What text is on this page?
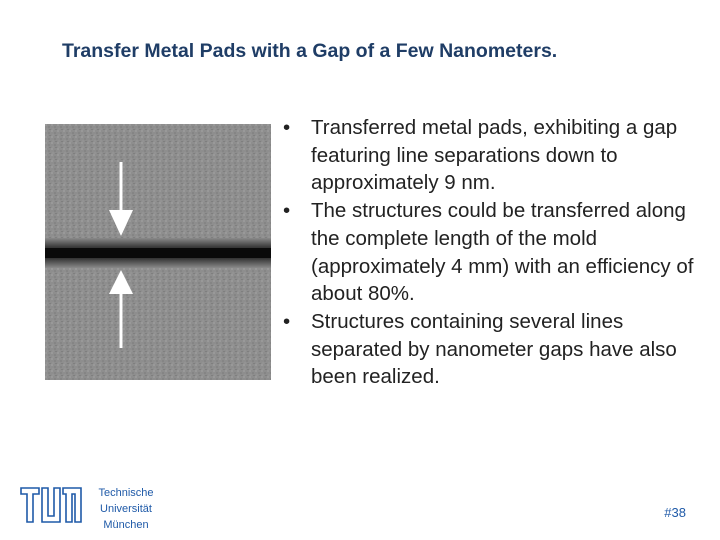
Transfer Metal Pads with a Gap of a Few Nanometers.
• Transferred metal pads, exhibiting a gap featuring line separations down to approximately 9 nm.
• The structures could be transferred along the complete length of the mold (approximately 4 mm) with an efficiency of about 80%.
• Structures containing several lines separated by nanometer gaps have also been realized.
Technische
Universität
München
#38
